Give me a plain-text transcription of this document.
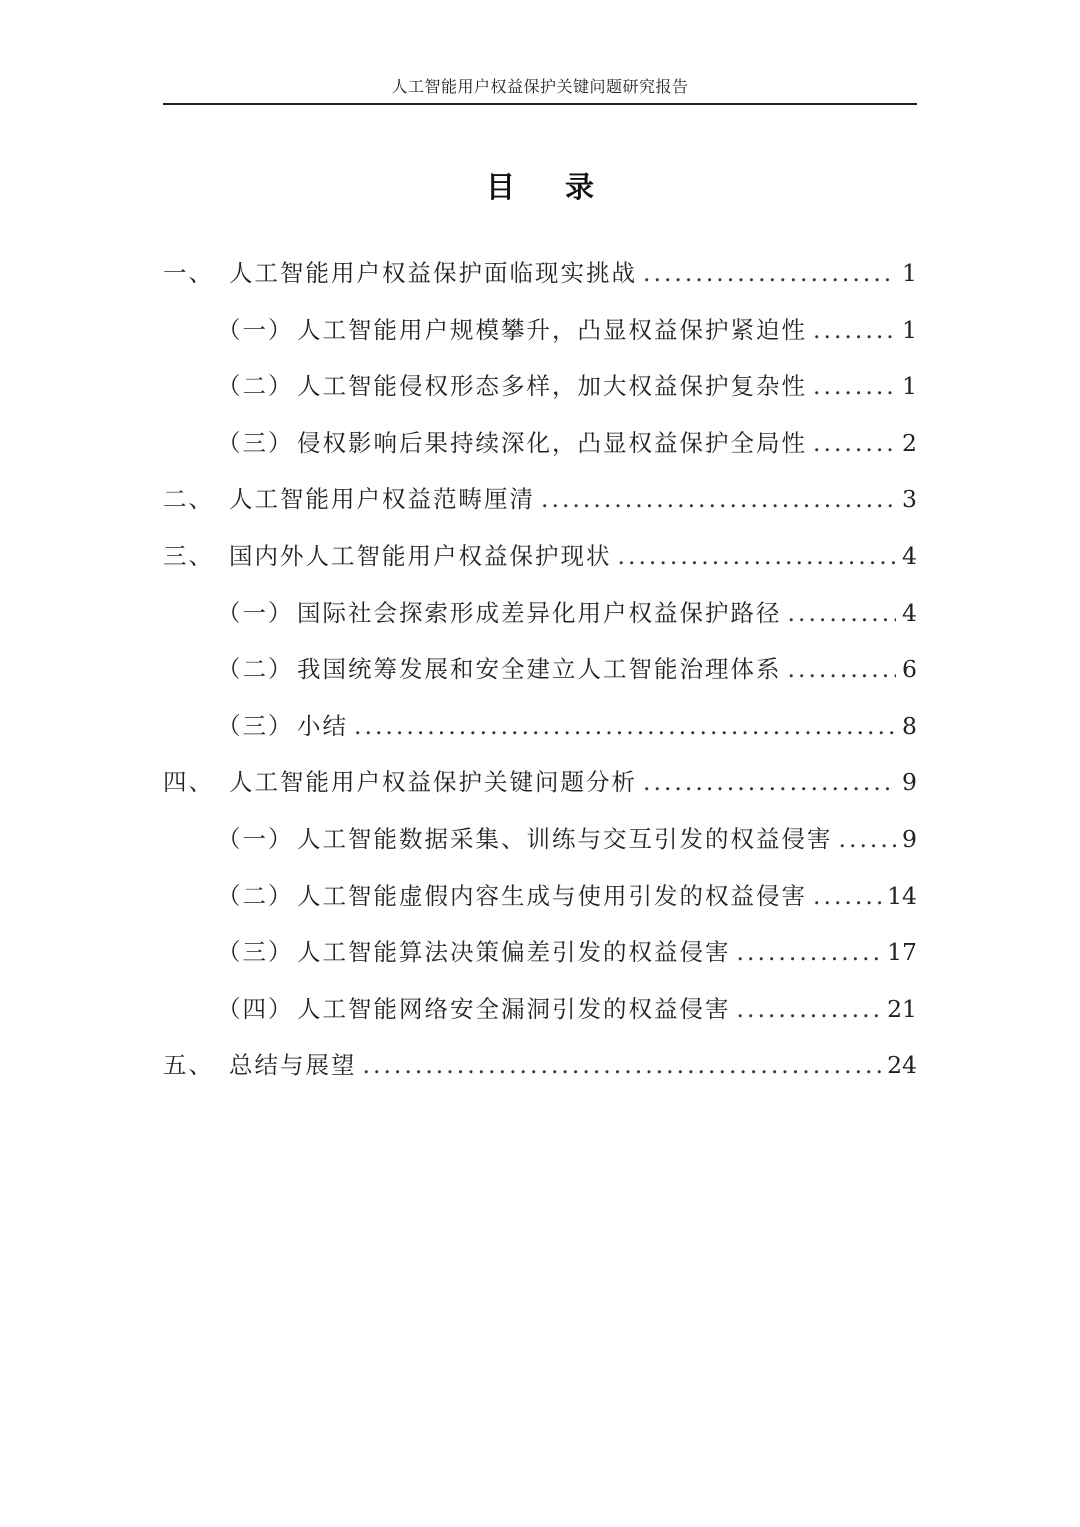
人工智能用户权益保护关键问题研究报告
目录
一、 人工智能用户权益保护面临现实挑战 .....	1
（一） 人工智能用户规模攀升，凸显权益保护紧迫性 .....	1
（二） 人工智能侵权形态多样，加大权益保护复杂性 .....	1
（三） 侵权影响后果持续深化，凸显权益保护全局性 .....	2
二、 人工智能用户权益范畴厘清 .....	3
三、 国内外人工智能用户权益保护现状 .....	4
（一） 国际社会探索形成差异化用户权益保护路径 .....	4
（二） 我国统筹发展和安全建立人工智能治理体系 .....	6
（三） 小结 .....	8
四、 人工智能用户权益保护关键问题分析 .....	9
（一） 人工智能数据采集、训练与交互引发的权益侵害 .....	9
（二） 人工智能虚假内容生成与使用引发的权益侵害 .....	14
（三） 人工智能算法决策偏差引发的权益侵害 .....	17
（四） 人工智能网络安全漏洞引发的权益侵害 .....	21
五、 总结与展望 .....	24
